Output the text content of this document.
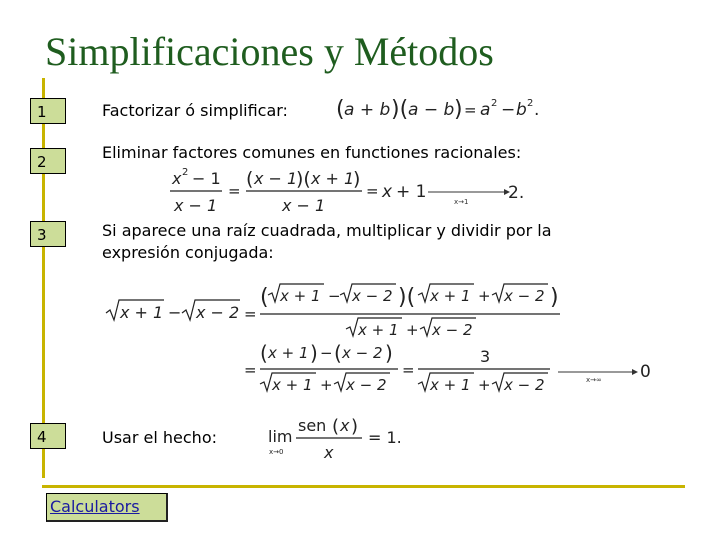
Simplificaciones y Métodos
1	Factorizar ó simplificar: ( a + b )( a − b ) = a 2 − b 2 .
2	Eliminar factores comunes en functiones racionales:
x 2 − 1
x − 1
=
( x − 1
)( x + 1
)
x − 1
= x + 1	x→1 2.
3	Si aparece una raíz cuadrada, multiplicar y dividir por la
expresión conjugada:
x + 1 − x − 2 =
( x + 1 − x − 2 )( x + 1 + x − 2 )
x + 1 + x − 2
=
( x + 1 ) − ( x − 2 )
x + 1 + x − 2
=
3
x + 1 + x − 2	x→∞ 0
4	Usar el hecho:	lim
x→0
sen ( x )
x
= 1.
Calculators
